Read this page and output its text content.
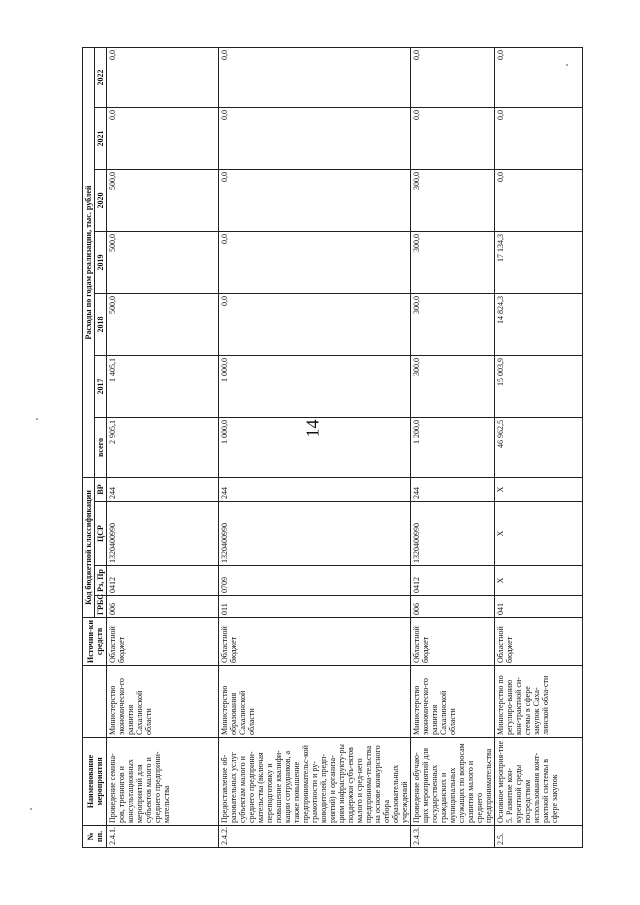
14
№ пп.	Наименование мероприятия		Источни-ки средств	Код бюджетной классификации				Расходы по годам реализации, тыс. рублей						
				ГРБС	Рз, Пр	ЦСР	ВР	всего	2017	2018	2019	2020	2021	2022
2.4.1.	Проведение семина-ров, тренингов и консультационных мероприятий для субъектов малого и среднего предприни-мательства	Министерство экономическо-го развития Сахалинской области	Областной бюджет	006	0412	1320400990	244	2 905,1	1 405,1	500,0	500,0	500,0	0,0	0,0
2.4.2.	Предоставление об-разовательных услуг субъектам малого и среднего предприни-мательства (включая переподготовку и повышение квалифи-кации сотрудников, а также повышение предпринимательс-кой грамотности и ру-ководителей, предп-риятий) и организа-циям инфраструкту-ры поддержки субъ-ектов малого и сред-него предпринима-тельства на основе конкурсного отбора образовательных учреждений	Министерство образования Сахалинской области	Областной бюджет	011	0709	1320400990	244	1 000,0	1 000,0	0,0	0,0	0,0	0,0	0,0
2.4.3.	Проведение обучаю-щих мероприятий для государственных гражданских и муниципальных служащих по вопросам развития малого и среднего предпринимательства	Министерство экономическо-го развития Сахалинской области	Областной бюджет	006	0412	1320400990	244	1 200,0	300,0	300,0	300,0	300,0	0,0	0,0
2.5.	Основное мероприя-тие 5. Развитие кон-курентной среды посредством использования конт-рактной системы в сфере закупок	Министерство по регулиро-ванию кон-трактной си-стемы в сфере закупок Саха-линской обла-сти	Областной бюджет	041	X	X	X	46 962,5	15 003,9	14 824,3	17 134,3	0,0	0,0	0,0
